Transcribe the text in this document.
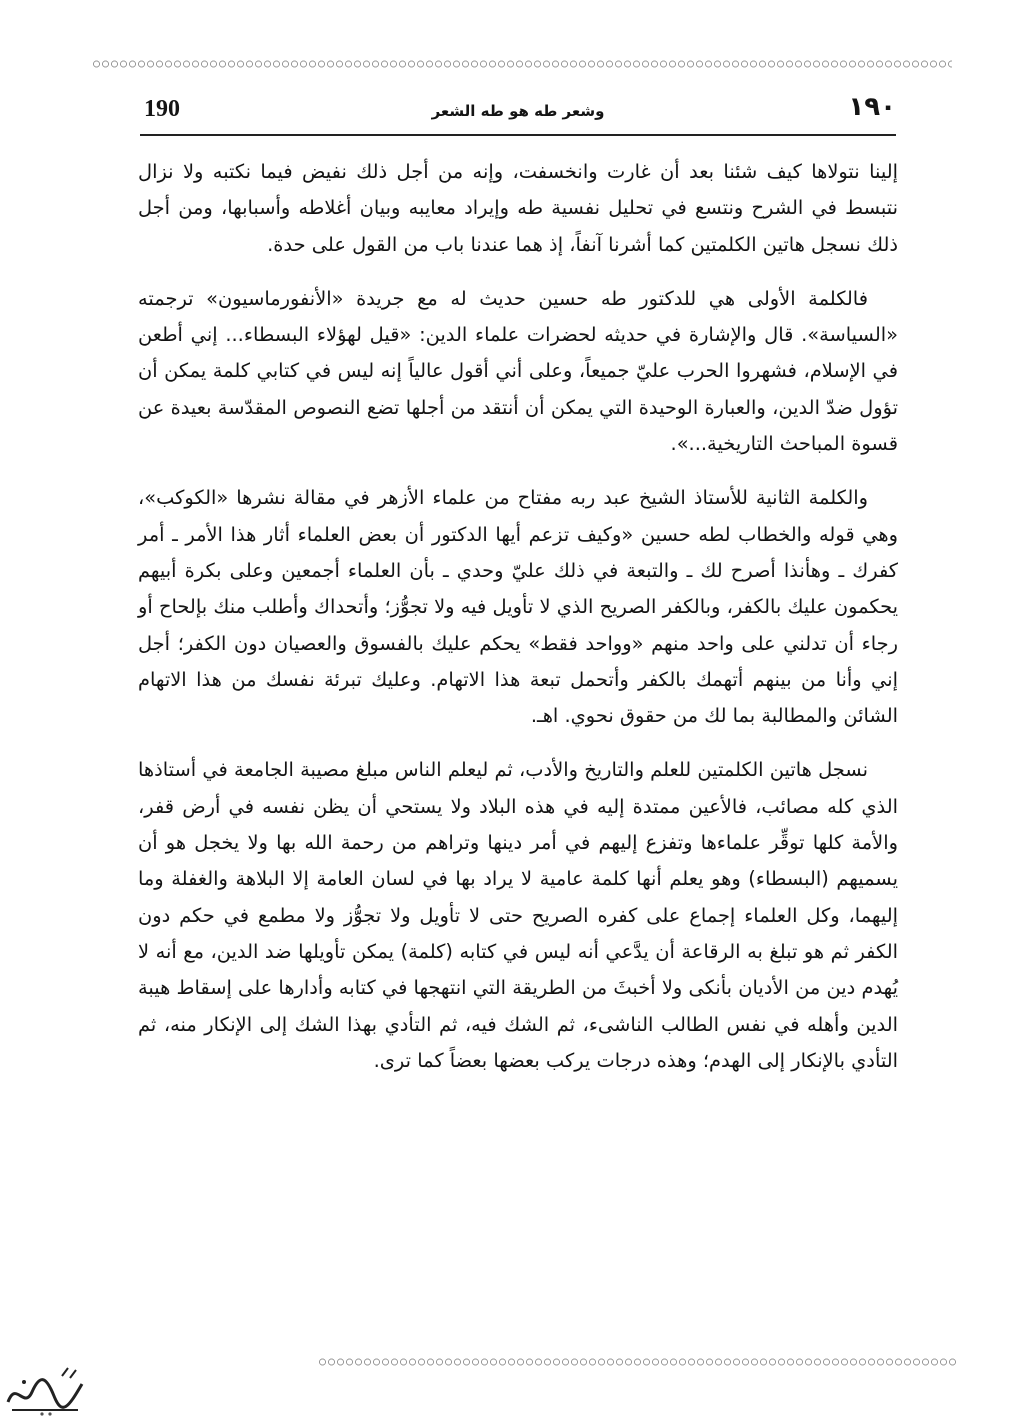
190	وشعر طه هو طه الشعر	١٩٠

إلينا نتولاها كيف شئنا بعد أن غارت وانخسفت، وإنه من أجل ذلك نفيض فيما نكتبه ولا نزال نتبسط في الشرح ونتسع في تحليل نفسية طه وإيراد معايبه وبيان أغلاطه وأسبابها، ومن أجل ذلك نسجل هاتين الكلمتين كما أشرنا آنفاً، إذ هما عندنا باب من القول على حدة.

فالكلمة الأولى هي للدكتور طه حسين حديث له مع جريدة «الأنفورماسيون» ترجمته «السياسة». قال والإشارة في حديثه لحضرات علماء الدين: «قيل لهؤلاء البسطاء... إني أطعن في الإسلام، فشهروا الحرب عليّ جميعاً، وعلى أني أقول عالياً إنه ليس في كتابي كلمة يمكن أن تؤول ضدّ الدين، والعبارة الوحيدة التي يمكن أن أنتقد من أجلها تضع النصوص المقدّسة بعيدة عن قسوة المباحث التاريخية...».

والكلمة الثانية للأستاذ الشيخ عبد ربه مفتاح من علماء الأزهر في مقالة نشرها «الكوكب»، وهي قوله والخطاب لطه حسين «وكيف تزعم أيها الدكتور أن بعض العلماء أثار هذا الأمر ـ أمر كفرك ـ وهأنذا أصرح لك ـ والتبعة في ذلك عليّ وحدي ـ بأن العلماء أجمعين وعلى بكرة أبيهم يحكمون عليك بالكفر، وبالكفر الصريح الذي لا تأويل فيه ولا تجوُّز؛ وأتحداك وأطلب منك بإلحاح أو رجاء أن تدلني على واحد منهم «وواحد فقط» يحكم عليك بالفسوق والعصيان دون الكفر؛ أجل إني وأنا من بينهم أتهمك بالكفر وأتحمل تبعة هذا الاتهام. وعليك تبرئة نفسك من هذا الاتهام الشائن والمطالبة بما لك من حقوق نحوي. اهـ.

نسجل هاتين الكلمتين للعلم والتاريخ والأدب، ثم ليعلم الناس مبلغ مصيبة الجامعة في أستاذها الذي كله مصائب، فالأعين ممتدة إليه في هذه البلاد ولا يستحي أن يظن نفسه في أرض قفر، والأمة كلها توقِّر علماءها وتفزع إليهم في أمر دينها وتراهم من رحمة الله بها ولا يخجل هو أن يسميهم (البسطاء) وهو يعلم أنها كلمة عامية لا يراد بها في لسان العامة إلا البلاهة والغفلة وما إليهما، وكل العلماء إجماع على كفره الصريح حتى لا تأويل ولا تجوُّز ولا مطمع في حكم دون الكفر ثم هو تبلغ به الرقاعة أن يدَّعي أنه ليس في كتابه (كلمة) يمكن تأويلها ضد الدين، مع أنه لا يُهدم دين من الأديان بأنكى ولا أخبثَ من الطريقة التي انتهجها في كتابه وأدارها على إسقاط هيبة الدين وأهله في نفس الطالب الناشىء، ثم الشك فيه، ثم التأدي بهذا الشك إلى الإنكار منه، ثم التأدي بالإنكار إلى الهدم؛ وهذه درجات يركب بعضها بعضاً كما ترى.
